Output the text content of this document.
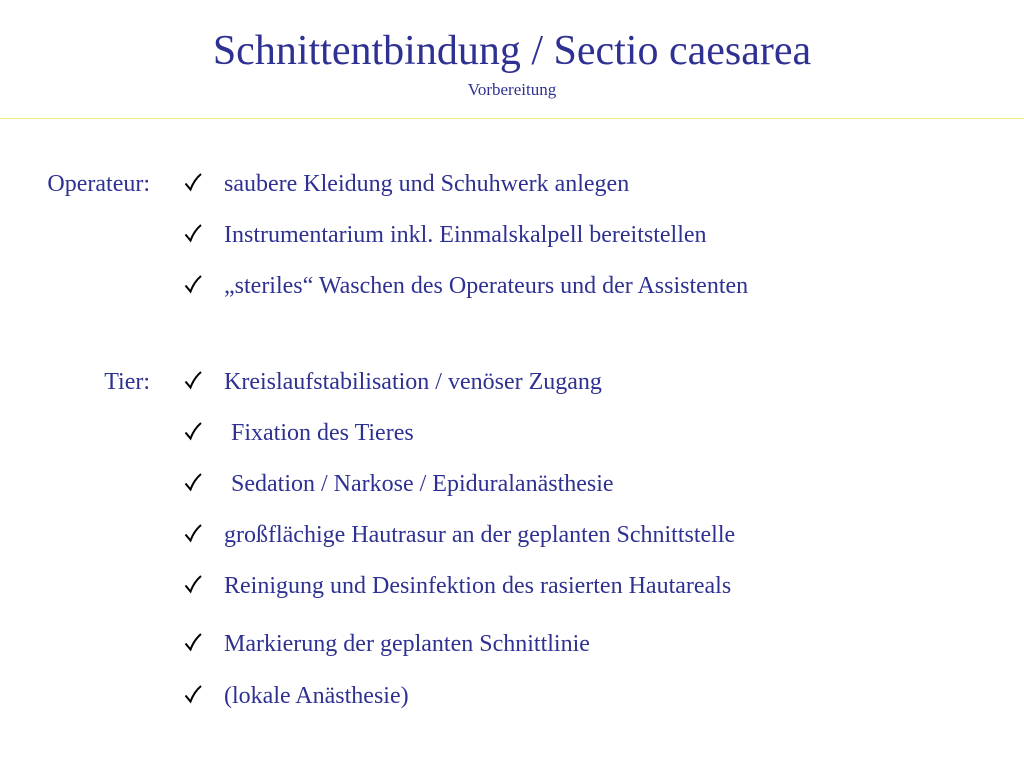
Schnittentbindung / Sectio caesarea
Vorbereitung
Operateur:	saubere Kleidung und Schuhwerk anlegen
Instrumentarium inkl. Einmalskalpell bereitstellen
„steriles“ Waschen des Operateurs und der Assistenten
Tier:	Kreislaufstabilisation / venöser Zugang
Fixation des Tieres
Sedation / Narkose / Epiduralanästhesie
großflächige Hautrasur an der geplanten Schnittstelle
Reinigung und Desinfektion des rasierten Hautareals
Markierung der geplanten Schnittlinie
(lokale Anästhesie)
